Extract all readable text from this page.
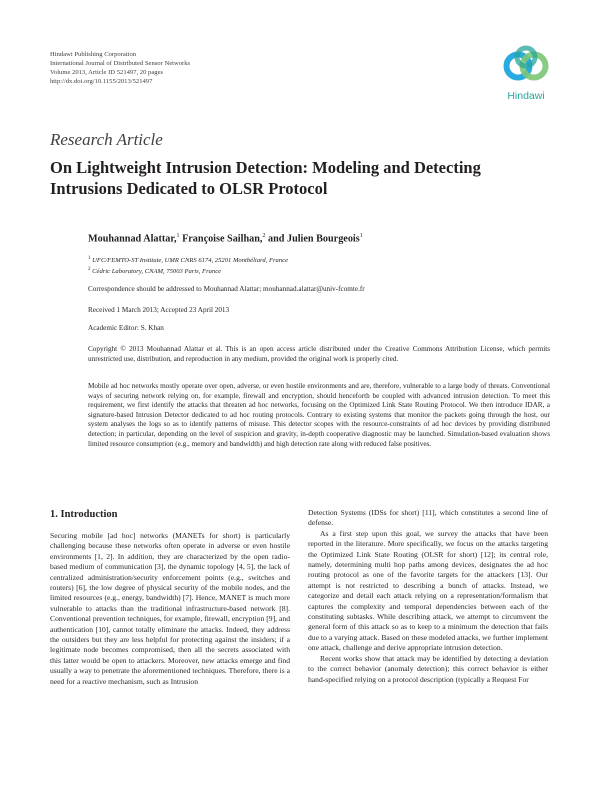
Hindawi Publishing Corporation
International Journal of Distributed Sensor Networks
Volume 2013, Article ID 521497, 20 pages
http://dx.doi.org/10.1155/2013/521497
Hindawi
Research Article
On Lightweight Intrusion Detection: Modeling and Detecting Intrusions Dedicated to OLSR Protocol
Mouhannad Alattar,$^1$ Françoise Sailhan,$^2$ and Julien Bourgeois$^1$
$^1$ UFC/FEMTO-ST Institute, UMR CNRS 6174, 25201 Montbéliard, France
$^2$ Cédric Laboratory, CNAM, 75003 Paris, France
Correspondence should be addressed to Mouhannad Alattar; mouhannad.alattar@univ-fcomte.fr
Received 1 March 2013; Accepted 23 April 2013
Academic Editor: S. Khan
Copyright © 2013 Mouhannad Alattar et al. This is an open access article distributed under the Creative Commons Attribution License, which permits unrestricted use, distribution, and reproduction in any medium, provided the original work is properly cited.
Mobile ad hoc networks mostly operate over open, adverse, or even hostile environments and are, therefore, vulnerable to a large body of threats. Conventional ways of securing network relying on, for example, firewall and encryption, should henceforth be coupled with advanced intrusion detection. To meet this requirement, we first identify the attacks that threaten ad hoc networks, focusing on the Optimized Link State Routing Protocol. We then introduce IDAR, a signature-based Intrusion Detector dedicated to ad hoc routing protocols. Contrary to existing systems that monitor the packets going through the host, our system analyses the logs so as to identify patterns of misuse. This detector scopes with the resource-constraints of ad hoc devices by providing distributed detection; in particular, depending on the level of suspicion and gravity, in-depth cooperative diagnostic may be launched. Simulation-based evaluation shows limited resource consumption (e.g., memory and bandwidth) and high detection rate along with reduced false positives.
1. Introduction

Securing mobile [ad hoc] networks (MANETs for short) is particularly challenging because these networks often operate in adverse or even hostile environments [1, 2]. In addition, they are characterized by the open radio-based medium of communication [3], the dynamic topology [4, 5], the lack of centralized administration/security enforcement points (e.g., switches and routers) [6], the low degree of physical security of the mobile nodes, and the limited resources (e.g., energy, bandwidth) [7]. Hence, MANET is much more vulnerable to attacks than the traditional infrastructure-based network [8]. Conventional prevention techniques, for example, firewall, encryption [9], and authentication [10], cannot totally eliminate the attacks. Indeed, they address the outsiders but they are less helpful for protecting against the insiders; if a legitimate node becomes compromised, then all the secrets associated with this latter would be open to attackers. Moreover, new attacks emerge and find usually a way to penetrate the aforementioned techniques. Therefore, there is a need for a reactive mechanism, such as Intrusion

Detection Systems (IDSs for short) [11], which constitutes a second line of defense.

As a first step upon this goal, we survey the attacks that have been reported in the literature. More specifically, we focus on the attacks targeting the Optimized Link State Routing (OLSR for short) [12]; its central role, namely, determining multi hop paths among devices, designates the ad hoc routing protocol as one of the favorite targets for the attackers [13]. Our attempt is not restricted to describing a bunch of attacks. Instead, we categorize and detail each attack relying on a representation/formalism that captures the complexity and temporal dependencies between each of the constituting subtasks. While describing attack, we attempt to circumvent the general form of this attack so as to keep to a minimum the detection that fails due to a varying attack. Based on these modeled attacks, we further implement one attack, challenge and derive appropriate intrusion detection.

Recent works show that attack may be identified by detecting a deviation to the correct behavior (anomaly detection); this correct behavior is either hand-specified relying on a protocol description (typically a Request For
